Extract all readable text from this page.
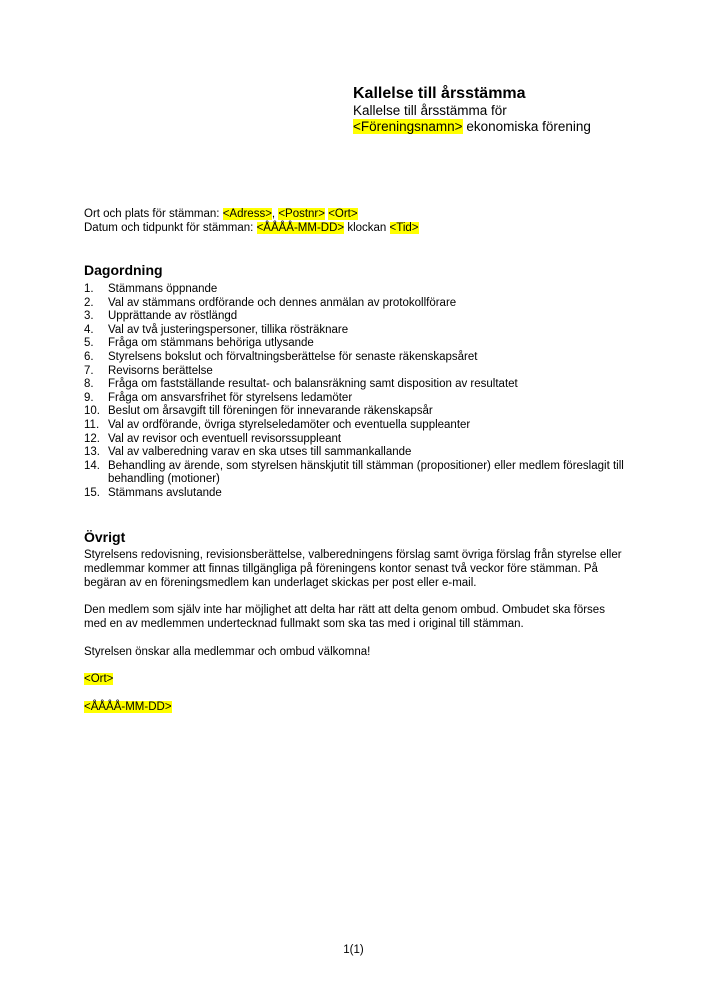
Kallelse till årsstämma

Kallelse till årsstämma för

<Föreningsnamn> ekonomiska förening

Ort och plats för stämman: <Adress>, <Postnr> <Ort>
Datum och tidpunkt för stämman: <ÅÅÅÅ-MM-DD> klockan <Tid>
Dagordning
1.	Stämmans öppnande
2.	Val av stämmans ordförande och dennes anmälan av protokollförare
3.	Upprättande av röstlängd
4.	Val av två justeringspersoner, tillika rösträknare
5.	Fråga om stämmans behöriga utlysande
6.	Styrelsens bokslut och förvaltningsberättelse för senaste räkenskapsåret
7.	Revisorns berättelse
8.	Fråga om fastställande resultat- och balansräkning samt disposition av resultatet
9.	Fråga om ansvarsfrihet för styrelsens ledamöter
10. Beslut om årsavgift till föreningen för innevarande räkenskapsår
11. Val av ordförande, övriga styrelseledamöter och eventuella suppleanter
12. Val av revisor och eventuell revisorssuppleant
13. Val av valberedning varav en ska utses till sammankallande
14. Behandling av ärende, som styrelsen hänskjutit till stämman (propositioner) eller medlem föreslagit till behandling (motioner)
15. Stämmans avslutande
Övrigt

Styrelsens redovisning, revisionsberättelse, valberedningens förslag samt övriga förslag från styrelse eller medlemmar kommer att finnas tillgängliga på föreningens kontor senast två veckor före stämman. På begäran av en föreningsmedlem kan underlaget skickas per post eller e-mail.

Den medlem som själv inte har möjlighet att delta har rätt att delta genom ombud. Ombudet ska förses med en av medlemmen undertecknad fullmakt som ska tas med i original till stämman.

Styrelsen önskar alla medlemmar och ombud välkomna!

<Ort>

<ÅÅÅÅ-MM-DD>

1(1)
